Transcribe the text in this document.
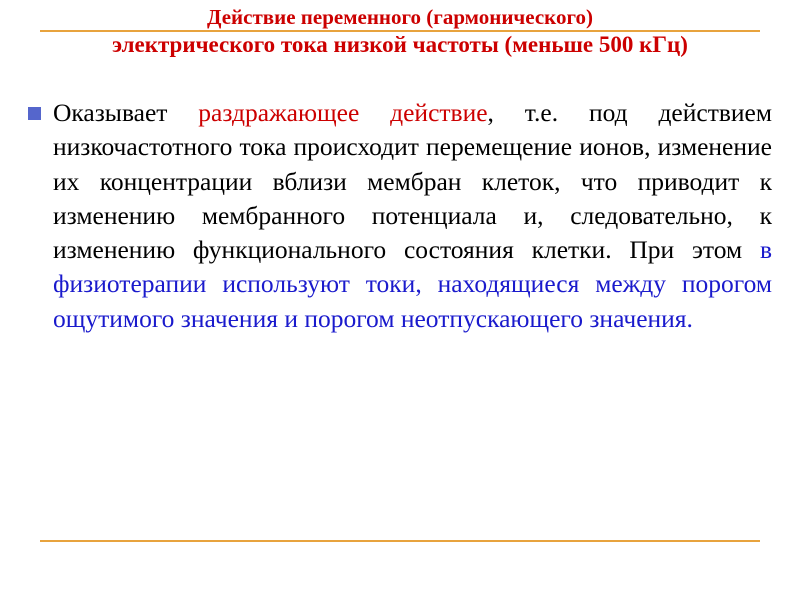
Действие переменного (гармонического)
электрического тока низкой частоты (меньше 500 кГц)
Оказывает раздражающее действие, т.е. под действием низкочастотного тока происходит перемещение ионов, изменение их концентрации вблизи мембран клеток, что приводит к изменению мембранного потенциала и, следовательно, к изменению функционального состояния клетки. При этом в физиотерапии используют токи, находящиеся между порогом ощутимого значения и порогом неотпускающего значения.
